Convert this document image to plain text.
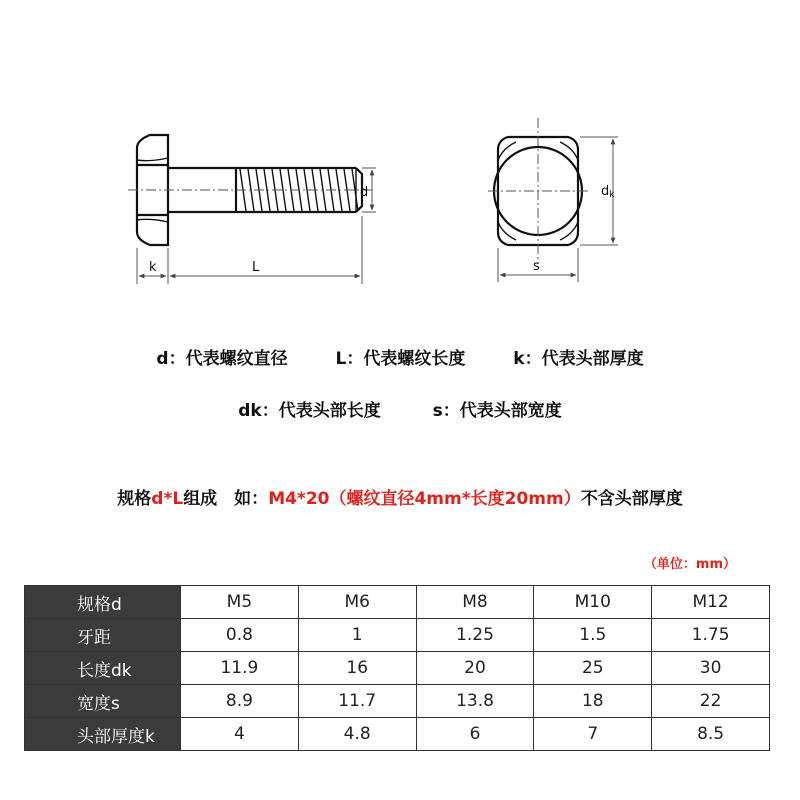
d
k	L
dk
s
d：代表螺纹直径	L：代表螺纹长度	k：代表头部厚度
dk：代表头部长度	s：代表头部宽度
规格d*L组成　如：M4*20（螺纹直径4mm*长度20mm）不含头部厚度
（单位：mm）
规格d	M5	M6	M8	M10	M12
牙距	0.8	1	1.25	1.5	1.75
长度dk	11.9	16	20	25	30
宽度s	8.9	11.7	13.8	18	22
头部厚度k	4	4.8	6	7	8.5
